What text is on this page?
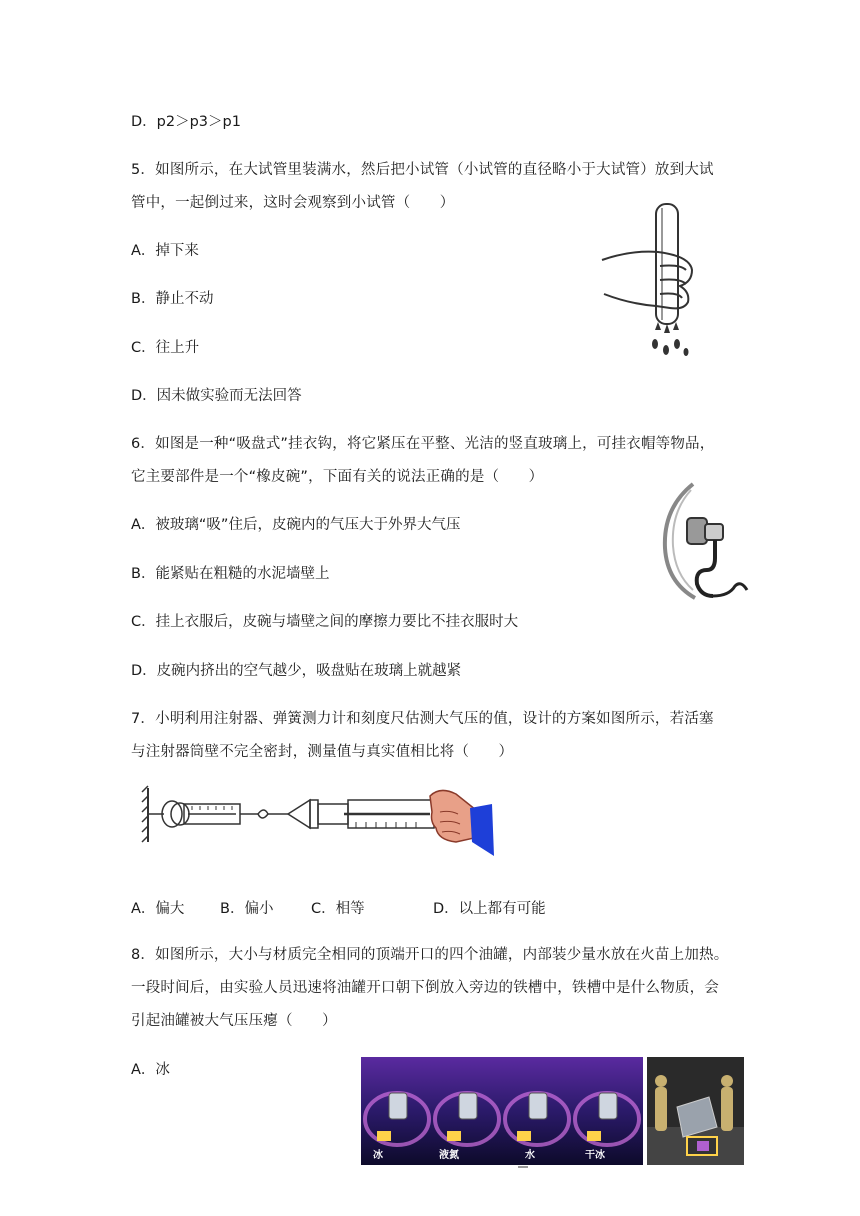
D．p2＞p3＞p1
5．如图所示，在大试管里装满水，然后把小试管（小试管的直径略小于大试管）放到大试
管中，一起倒过来，这时会观察到小试管（　　）
A．掉下来
B．静止不动
C．往上升
D．因未做实验而无法回答
6．如图是一种“吸盘式”挂衣钩，将它紧压在平整、光洁的竖直玻璃上，可挂衣帽等物品，
它主要部件是一个“橡皮碗”，下面有关的说法正确的是（　　）
A．被玻璃“吸”住后，皮碗内的气压大于外界大气压
B．能紧贴在粗糙的水泥墙壁上
C．挂上衣服后，皮碗与墙壁之间的摩擦力要比不挂衣服时大
D．皮碗内挤出的空气越少，吸盘贴在玻璃上就越紧
7．小明利用注射器、弹簧测力计和刻度尺估测大气压的值，设计的方案如图所示，若活塞
与注射器筒壁不完全密封，测量值与真实值相比将（　　）
A．偏大 B．偏小	C．相等	D．以上都有可能
8．如图所示，大小与材质完全相同的顶端开口的四个油罐，内部装少量水放在火苗上加热。
一段时间后，由实验人员迅速将油罐开口朝下倒放入旁边的铁槽中，铁槽中是什么物质，会
引起油罐被大气压压瘪（　　）
A．冰
冰	液氮	水	干冰
